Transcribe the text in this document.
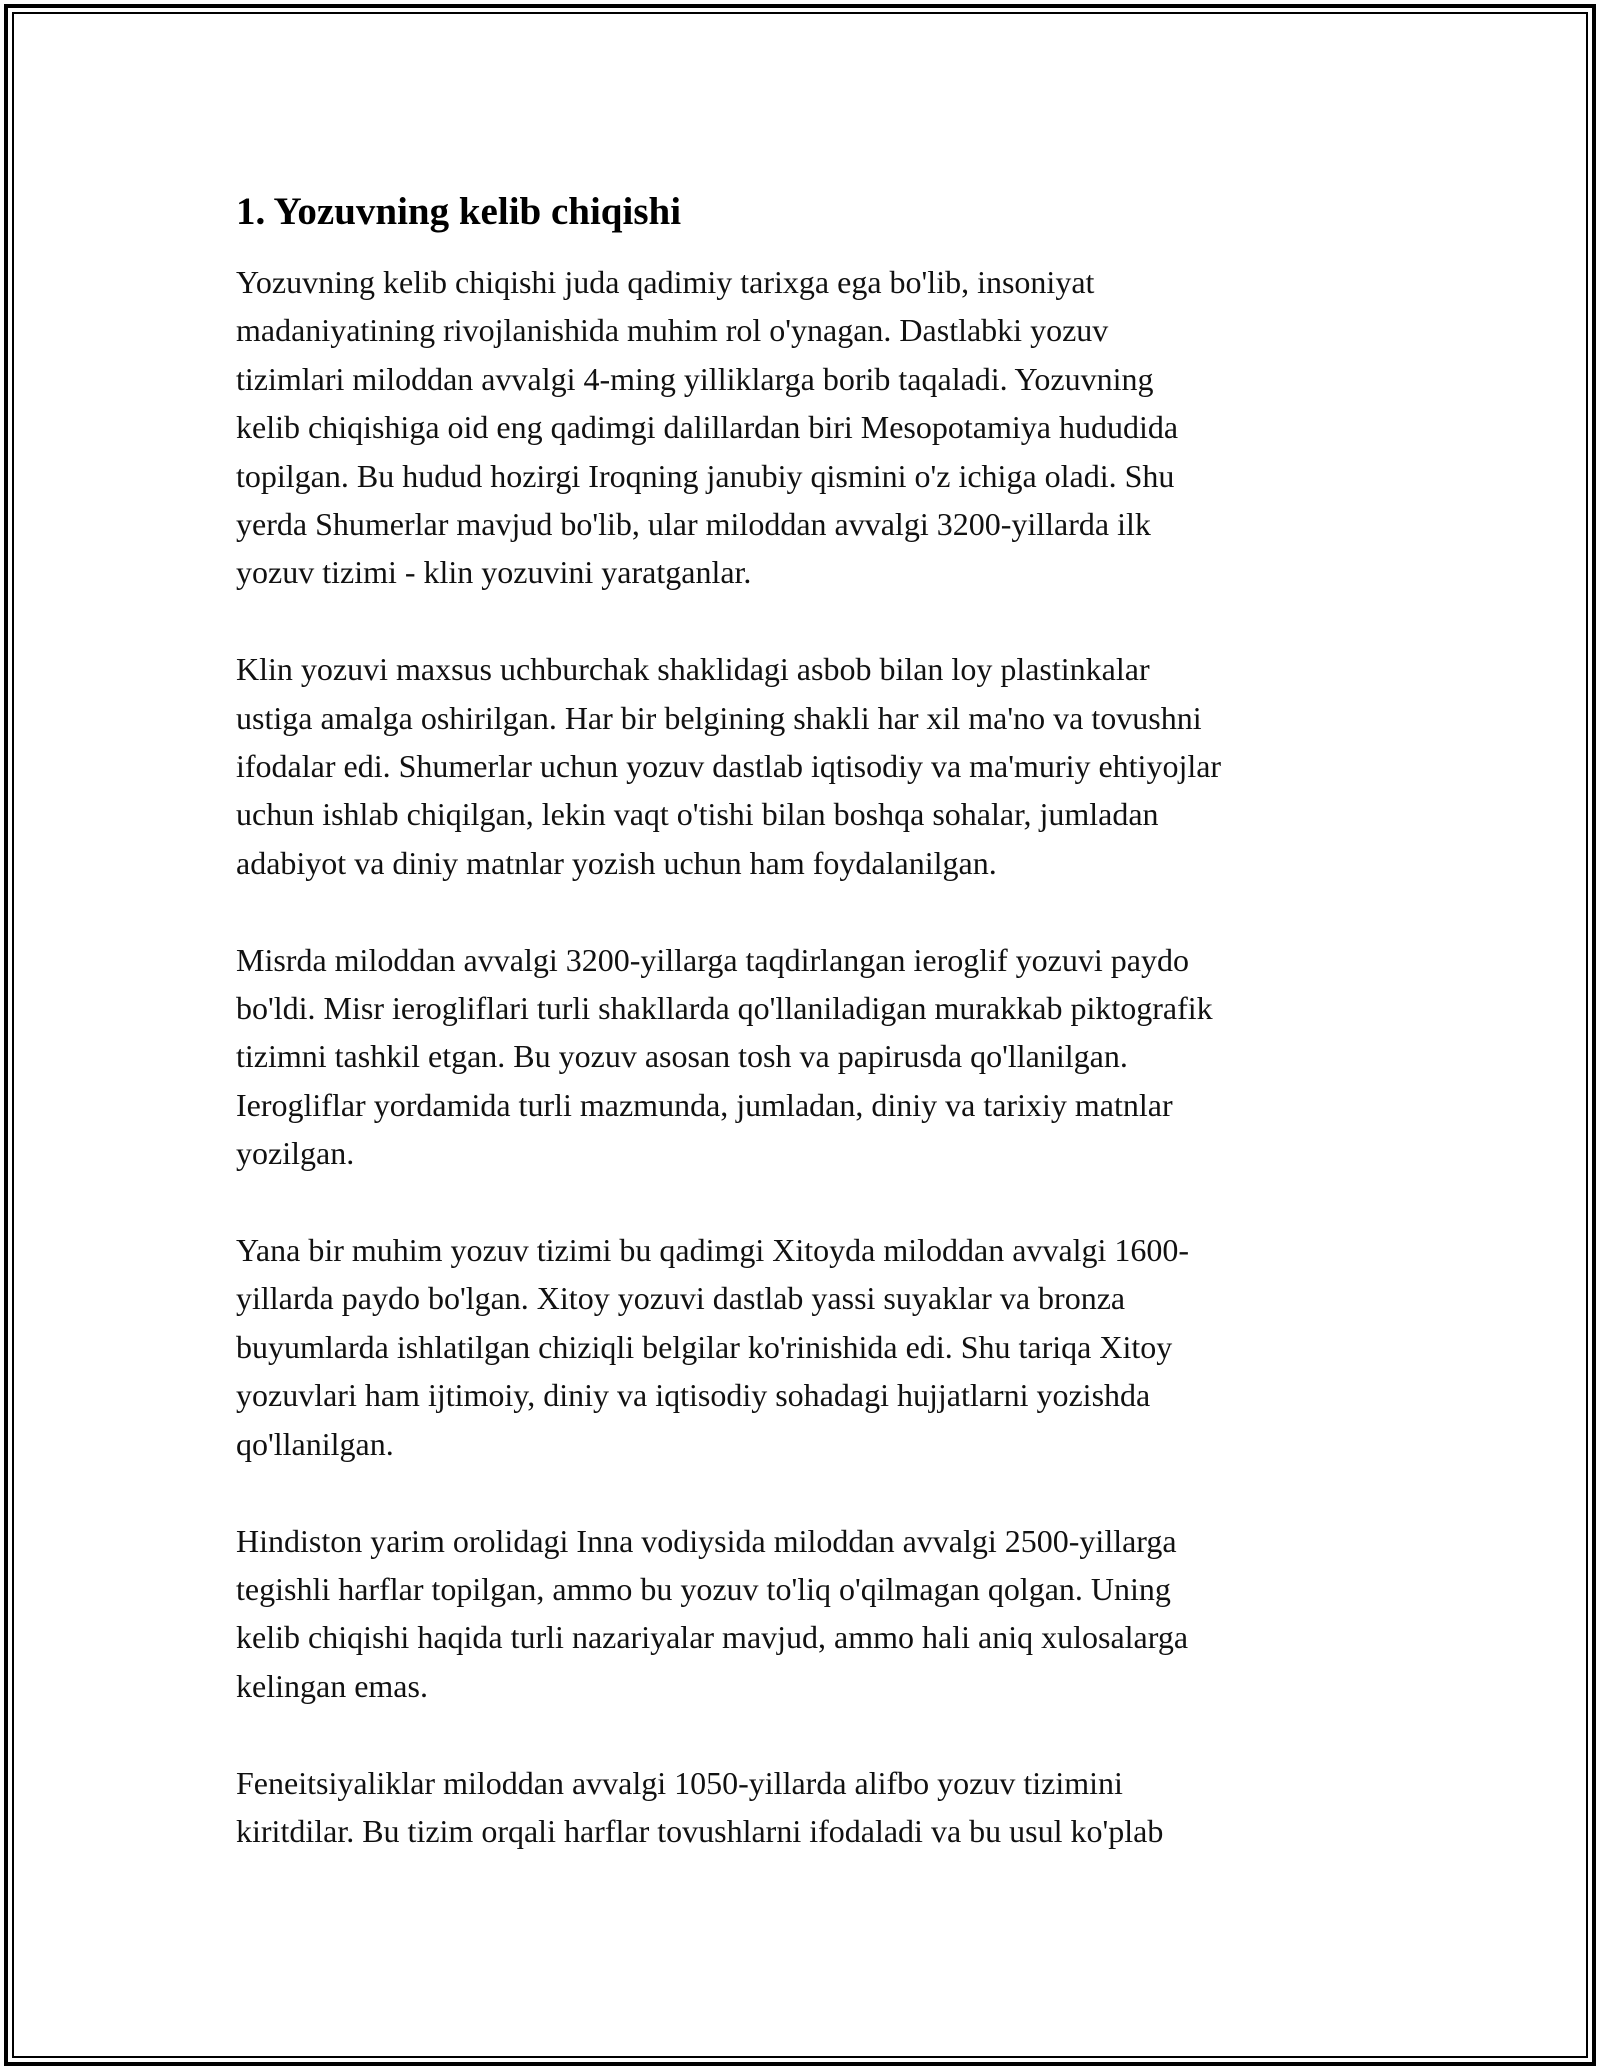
1. Yozuvning kelib chiqishi

Yozuvning kelib chiqishi juda qadimiy tarixga ega bo'lib, insoniyat
madaniyatining rivojlanishida muhim rol o'ynagan. Dastlabki yozuv
tizimlari miloddan avvalgi 4-ming yilliklarga borib taqaladi. Yozuvning
kelib chiqishiga oid eng qadimgi dalillardan biri Mesopotamiya hududida
topilgan. Bu hudud hozirgi Iroqning janubiy qismini o'z ichiga oladi. Shu
yerda Shumerlar mavjud bo'lib, ular miloddan avvalgi 3200-yillarda ilk
yozuv tizimi - klin yozuvini yaratganlar.

Klin yozuvi maxsus uchburchak shaklidagi asbob bilan loy plastinkalar
ustiga amalga oshirilgan. Har bir belgining shakli har xil ma'no va tovushni
ifodalar edi. Shumerlar uchun yozuv dastlab iqtisodiy va ma'muriy ehtiyojlar
uchun ishlab chiqilgan, lekin vaqt o'tishi bilan boshqa sohalar, jumladan
adabiyot va diniy matnlar yozish uchun ham foydalanilgan.

Misrda miloddan avvalgi 3200-yillarga taqdirlangan ieroglif yozuvi paydo
bo'ldi. Misr ierogliflari turli shakllarda qo'llaniladigan murakkab piktografik
tizimni tashkil etgan. Bu yozuv asosan tosh va papirusda qo'llanilgan.
Ierogliflar yordamida turli mazmunda, jumladan, diniy va tarixiy matnlar
yozilgan.

Yana bir muhim yozuv tizimi bu qadimgi Xitoyda miloddan avvalgi 1600-
yillarda paydo bo'lgan. Xitoy yozuvi dastlab yassi suyaklar va bronza
buyumlarda ishlatilgan chiziqli belgilar ko'rinishida edi. Shu tariqa Xitoy
yozuvlari ham ijtimoiy, diniy va iqtisodiy sohadagi hujjatlarni yozishda
qo'llanilgan.

Hindiston yarim orolidagi Inna vodiysida miloddan avvalgi 2500-yillarga
tegishli harflar topilgan, ammo bu yozuv to'liq o'qilmagan qolgan. Uning
kelib chiqishi haqida turli nazariyalar mavjud, ammo hali aniq xulosalarga
kelingan emas.

Feneitsiyaliklar miloddan avvalgi 1050-yillarda alifbo yozuv tizimini
kiritdilar. Bu tizim orqali harflar tovushlarni ifodaladi va bu usul ko'plab
